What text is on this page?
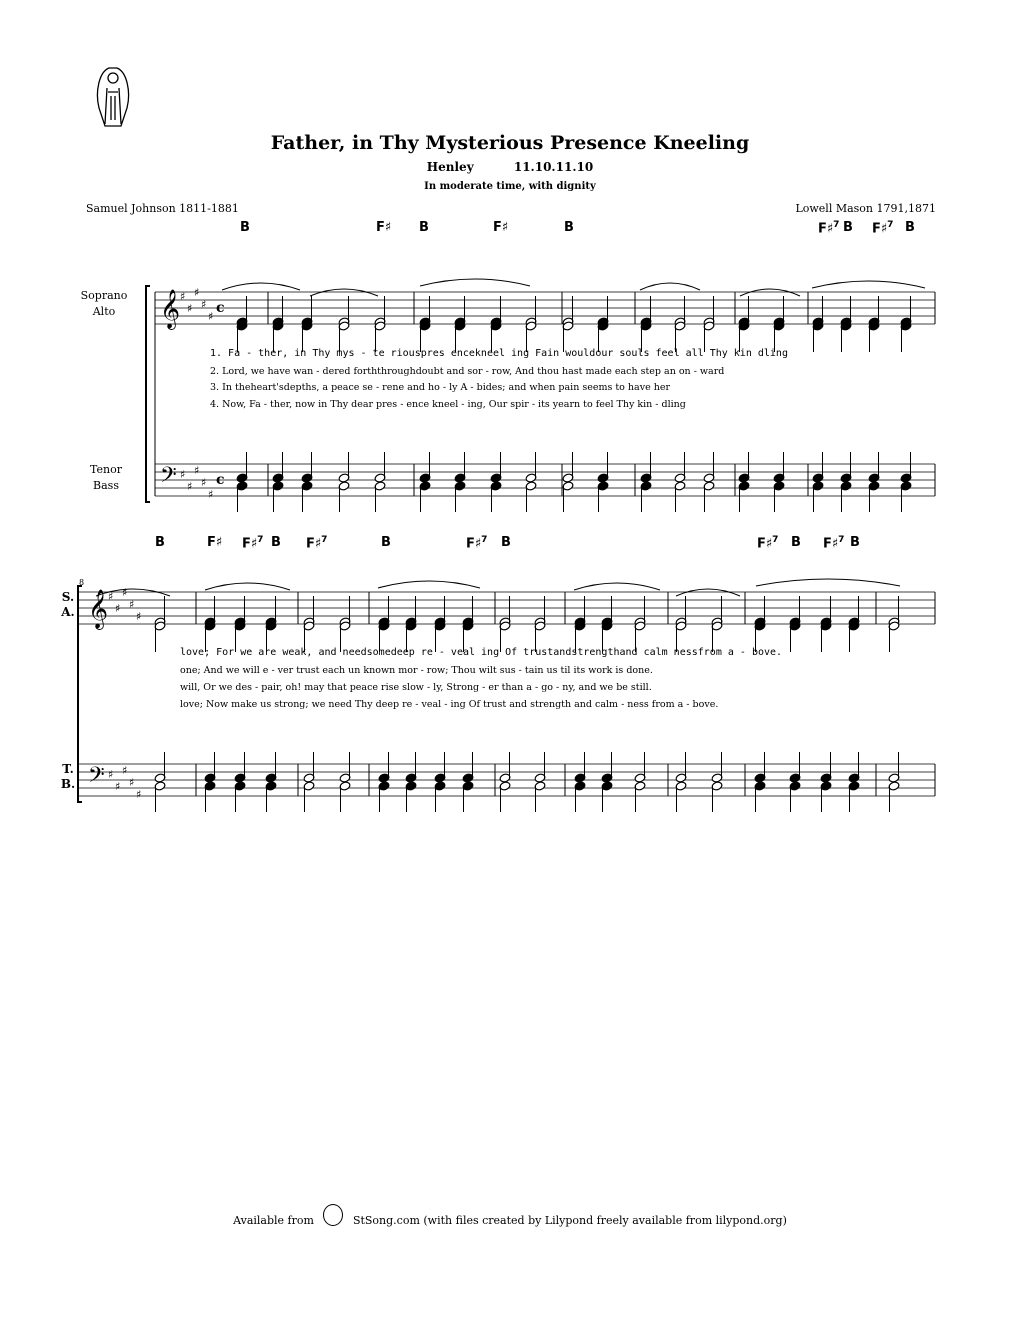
Father, in Thy Mysterious Presence Kneeling
Henley	11.10.11.10
In moderate time, with dignity
Samuel Johnson 1811-1881	Lowell Mason 1791,1871
B	F♯ B	F♯	B	F♯$^7$ B F♯$^7$ B
B	F♯ F♯$^7$ B F♯$^7$	B	F♯$^7$ B	F♯$^7$ B F♯$^7$ B
Soprano
Alto
Tenor
Bass
S.
A.
T.
B.
8
1. Fa - ther, in Thy mys - te riouspres encekneel ing Fain wouldour souls feel all Thy kin dling
2. Lord, we have wan - dered forththroughdoubt and sor - row, And thou hast made each step an on - ward
3. In theheart'sdepths, a peace se - rene and ho - ly A - bides; and when pain seems to have her
4. Now, Fa - ther, now in Thy dear pres - ence kneel - ing, Our spir - its yearn to feel Thy kin - dling
love; For we are weak, and needsomedeep re - veal ing Of trustandstrengthand calm nessfrom a - bove.
one; And we will e - ver trust each un known mor - row; Thou wilt sus - tain us til its work is done.
will, Or we des - pair, oh! may that peace rise slow - ly, Strong - er than a - go - ny, and we be still.
love; Now make us strong; we need Thy deep re - veal - ing Of trust and strength and calm - ness from a - bove.
𝄞
𝄢
♯
♯
♯
♯
♯
♯
♯
♯
♯
♯
c
c
𝄞
𝄢
♯
♯
♯
♯
♯
♯
♯
♯
♯
♯
Available from	StSong.com (with files created by Lilypond freely available from lilypond.org)
